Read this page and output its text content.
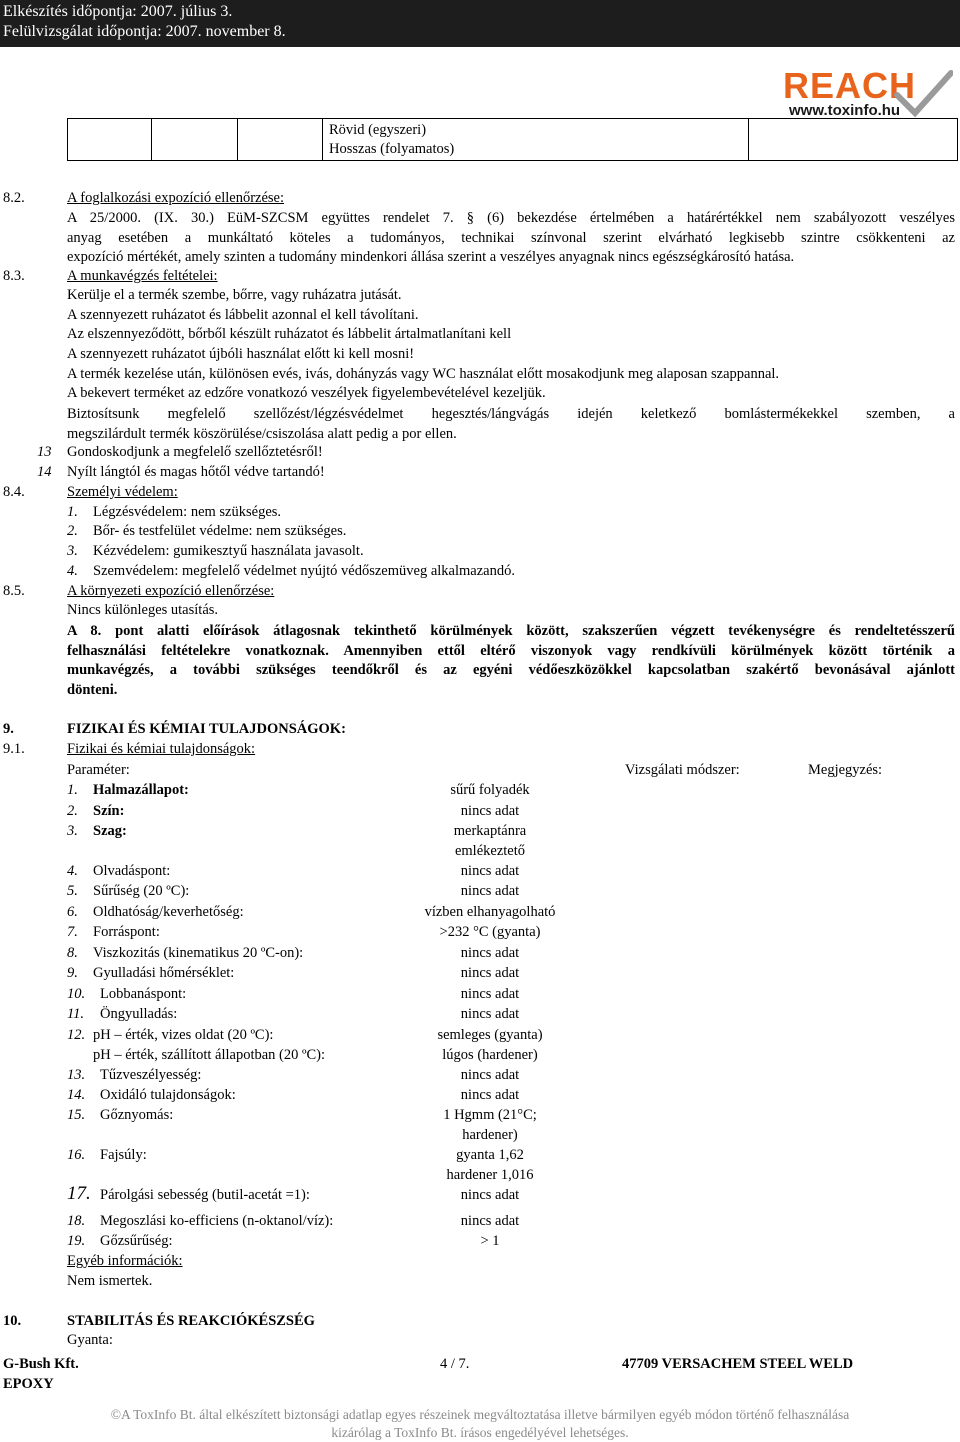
Elkészítés időpontja: 2007. július 3.
Felülvizsgálat időpontja: 2007. november 8.
REACH
www.toxinfo.hu

Rövid (egyszeri)
Hosszas (folyamatos)

8.2.	A foglalkozási expozíció ellenőrzése:
A 25/2000. (IX. 30.) EüM-SZCSM együttes rendelet 7. § (6) bekezdése értelmében a határértékkel nem szabályozott veszélyes
anyag esetében a munkáltató köteles a tudományos, technikai színvonal szerint elvárható legkisebb szintre csökkenteni az
expozíció mértékét, amely szinten a tudomány mindenkori állása szerint a veszélyes anyagnak nincs egészségkárosító hatása.
8.3.	A munkavégzés feltételei:
Kerülje el a termék szembe, bőrre, vagy ruházatra jutását.
A szennyezett ruházatot és lábbelit azonnal el kell távolítani.
Az elszennyeződött, bőrből készült ruházatot és lábbelit ártalmatlanítani kell
A szennyezett ruházatot újbóli használat előtt ki kell mosni!
A termék kezelése után, különösen evés, ivás, dohányzás vagy WC használat előtt mosakodjunk meg alaposan szappannal.
A bekevert terméket az edzőre vonatkozó veszélyek figyelembevételével kezeljük.
Biztosítsunk megfelelő szellőzést/légzésvédelmet hegesztés/lángvágás idején keletkező bomlástermékekkel szemben, a
megszilárdult termék köszörülése/csiszolása alatt pedig a por ellen.
13 Gondoskodjunk a megfelelő szellőztetésről!
14 Nyílt lángtól és magas hőtől védve tartandó!
8.4.	Személyi védelem:
1. Légzésvédelem: nem szükséges.
2. Bőr- és testfelület védelme: nem szükséges.
3. Kézvédelem: gumikesztyű használata javasolt.
4. Szemvédelem: megfelelő védelmet nyújtó védőszemüveg alkalmazandó.
8.5.	A környezeti expozíció ellenőrzése:
Nincs különleges utasítás.
A 8. pont alatti előírások átlagosnak tekinthető körülmények között, szakszerűen végzett tevékenységre és rendeltetésszerű
felhasználási feltételekre vonatkoznak. Amennyiben ettől eltérő viszonyok vagy rendkívüli körülmények között történik a
munkavégzés, a további szükséges teendőkről és az egyéni védőeszközökkel kapcsolatban szakértő bevonásával ajánlott
dönteni.
9.	FIZIKAI ÉS KÉMIAI TULAJDONSÁGOK:
9.1.	Fizikai és kémiai tulajdonságok:
Paraméter:	Vizsgálati módszer:	Megjegyzés:
1. Halmazállapot:	sűrű folyadék
2. Szín:	nincs adat
3. Szag:	merkaptánra
emlékeztető
4. Olvadáspont:	nincs adat
5. Sűrűség (20 ºC):	nincs adat
6. Oldhatóság/keverhetőség:	vízben elhanyagolható
7. Forráspont:	>232 °C (gyanta)
8. Viszkozitás (kinematikus 20 ºC-on):	nincs adat
9. Gyulladási hőmérséklet:	nincs adat
10. Lobbanáspont:	nincs adat
11. Öngyulladás:	nincs adat
12. pH – érték, vizes oldat (20 ºC):	semleges (gyanta)
pH – érték, szállított állapotban (20 ºC):	lúgos (hardener)
13. Tűzveszélyesség:	nincs adat
14. Oxidáló tulajdonságok:	nincs adat
15. Gőznyomás:	1 Hgmm (21°C;
hardener)
16. Fajsúly:	gyanta 1,62
hardener 1,016
17. Párolgási sebesség (butil-acetát =1):	nincs adat
18. Megoszlási ko-efficiens (n-oktanol/víz):	nincs adat
19. Gőzsűrűség:	> 1
Egyéb információk:
Nem ismertek.
10.	STABILITÁS ÉS REAKCIÓKÉSZSÉG
Gyanta:
G-Bush Kft.	4 / 7.	47709 VERSACHEM STEEL WELD
EPOXY
©A ToxInfo Bt. által elkészített biztonsági adatlap egyes részeinek megváltoztatása illetve bármilyen egyéb módon történő felhasználása
kizárólag a ToxInfo Bt. írásos engedélyével lehetséges.
